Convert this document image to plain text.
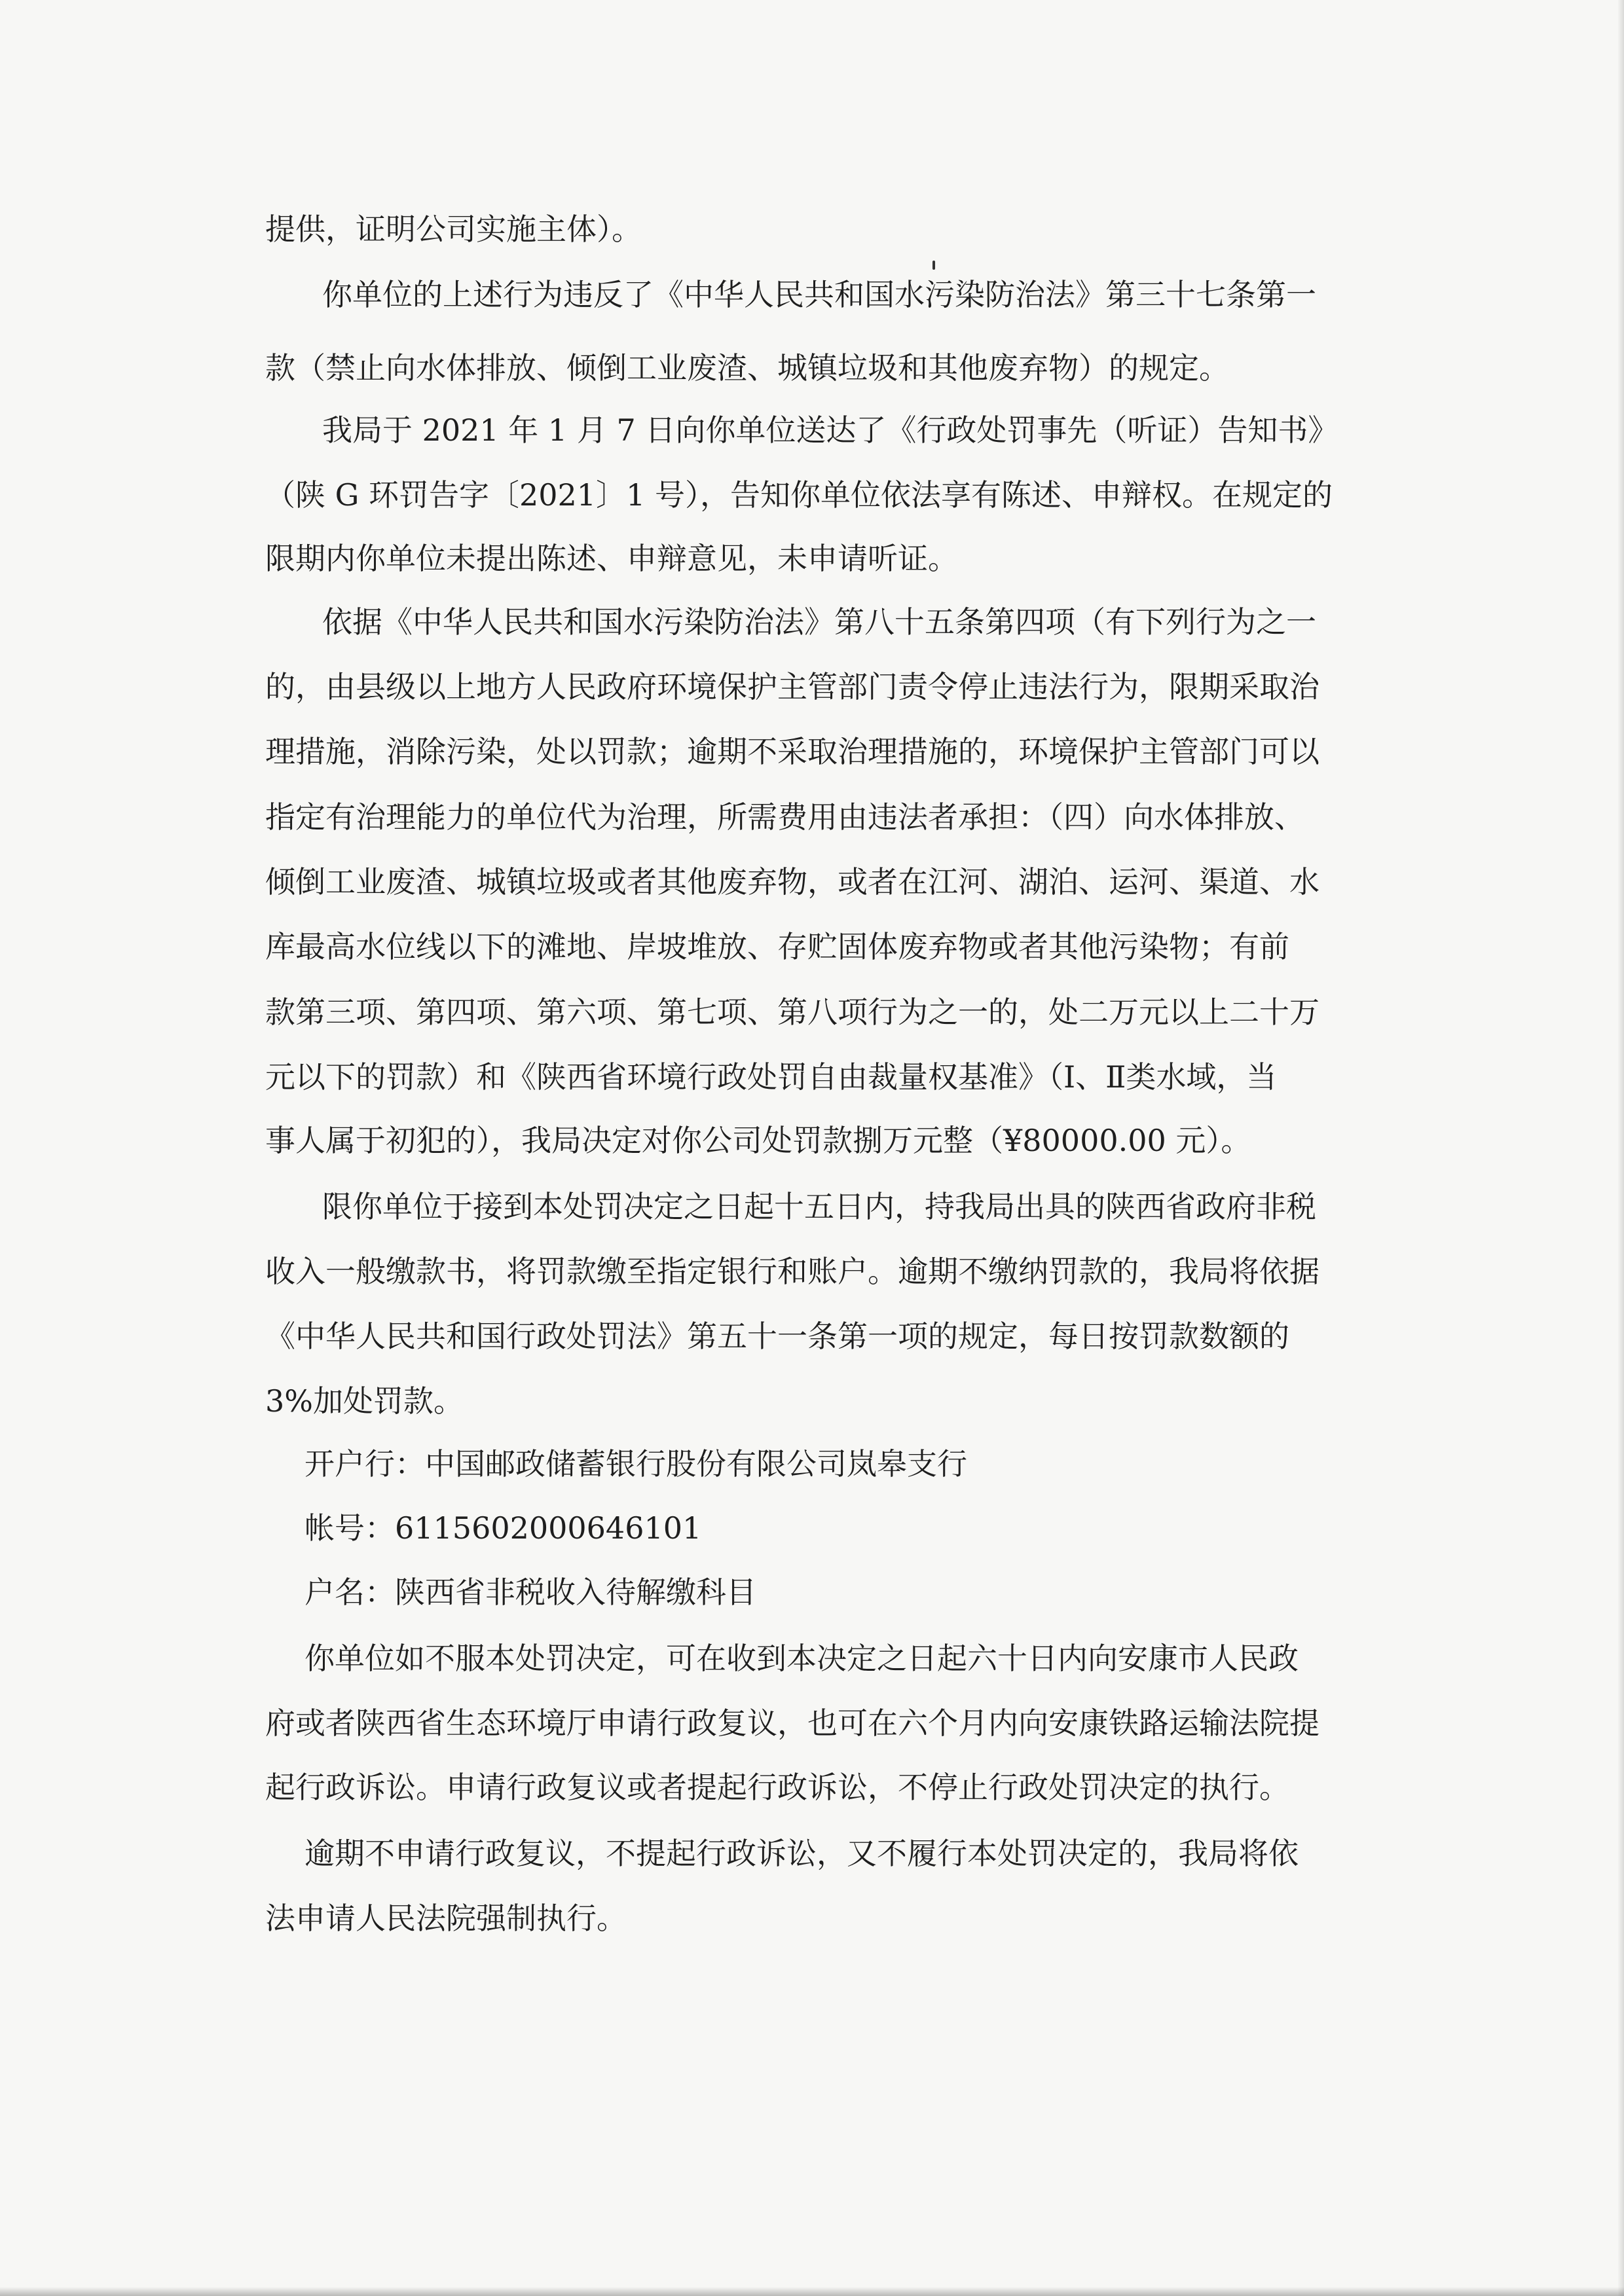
提供，证明公司实施主体）。
你单位的上述行为违反了《中华人民共和国水污染防治法》第三十七条第一
款（禁止向水体排放、倾倒工业废渣、城镇垃圾和其他废弃物）的规定。
我局于 2021 年 1 月 7 日向你单位送达了《行政处罚事先（听证）告知书》
（陕 G 环罚告字〔2021〕1 号），告知你单位依法享有陈述、申辩权。在规定的
限期内你单位未提出陈述、申辩意见，未申请听证。
依据《中华人民共和国水污染防治法》第八十五条第四项（有下列行为之一
的，由县级以上地方人民政府环境保护主管部门责令停止违法行为，限期采取治
理措施，消除污染，处以罚款；逾期不采取治理措施的，环境保护主管部门可以
指定有治理能力的单位代为治理，所需费用由违法者承担：（四）向水体排放、
倾倒工业废渣、城镇垃圾或者其他废弃物，或者在江河、湖泊、运河、渠道、水
库最高水位线以下的滩地、岸坡堆放、存贮固体废弃物或者其他污染物；有前
款第三项、第四项、第六项、第七项、第八项行为之一的，处二万元以上二十万
元以下的罚款）和《陕西省环境行政处罚自由裁量权基准》（Ⅰ、Ⅱ类水域，当
事人属于初犯的），我局决定对你公司处罚款捌万元整（¥80000.00 元）。
限你单位于接到本处罚决定之日起十五日内，持我局出具的陕西省政府非税
收入一般缴款书，将罚款缴至指定银行和账户。逾期不缴纳罚款的，我局将依据
《中华人民共和国行政处罚法》第五十一条第一项的规定，每日按罚款数额的
3%加处罚款。
开户行：中国邮政储蓄银行股份有限公司岚皋支行
帐号：6115602000646101
户名：陕西省非税收入待解缴科目
你单位如不服本处罚决定，可在收到本决定之日起六十日内向安康市人民政
府或者陕西省生态环境厅申请行政复议，也可在六个月内向安康铁路运输法院提
起行政诉讼。申请行政复议或者提起行政诉讼，不停止行政处罚决定的执行。
逾期不申请行政复议，不提起行政诉讼，又不履行本处罚决定的，我局将依
法申请人民法院强制执行。
